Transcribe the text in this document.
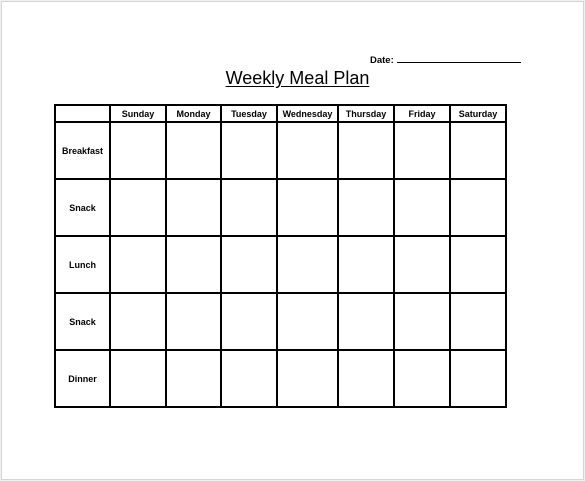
Date:
Weekly Meal Plan
	Sunday	Monday	Tuesday	Wednesday	Thursday	Friday	Saturday
Breakfast							
Snack							
Lunch							
Snack							
Dinner							
